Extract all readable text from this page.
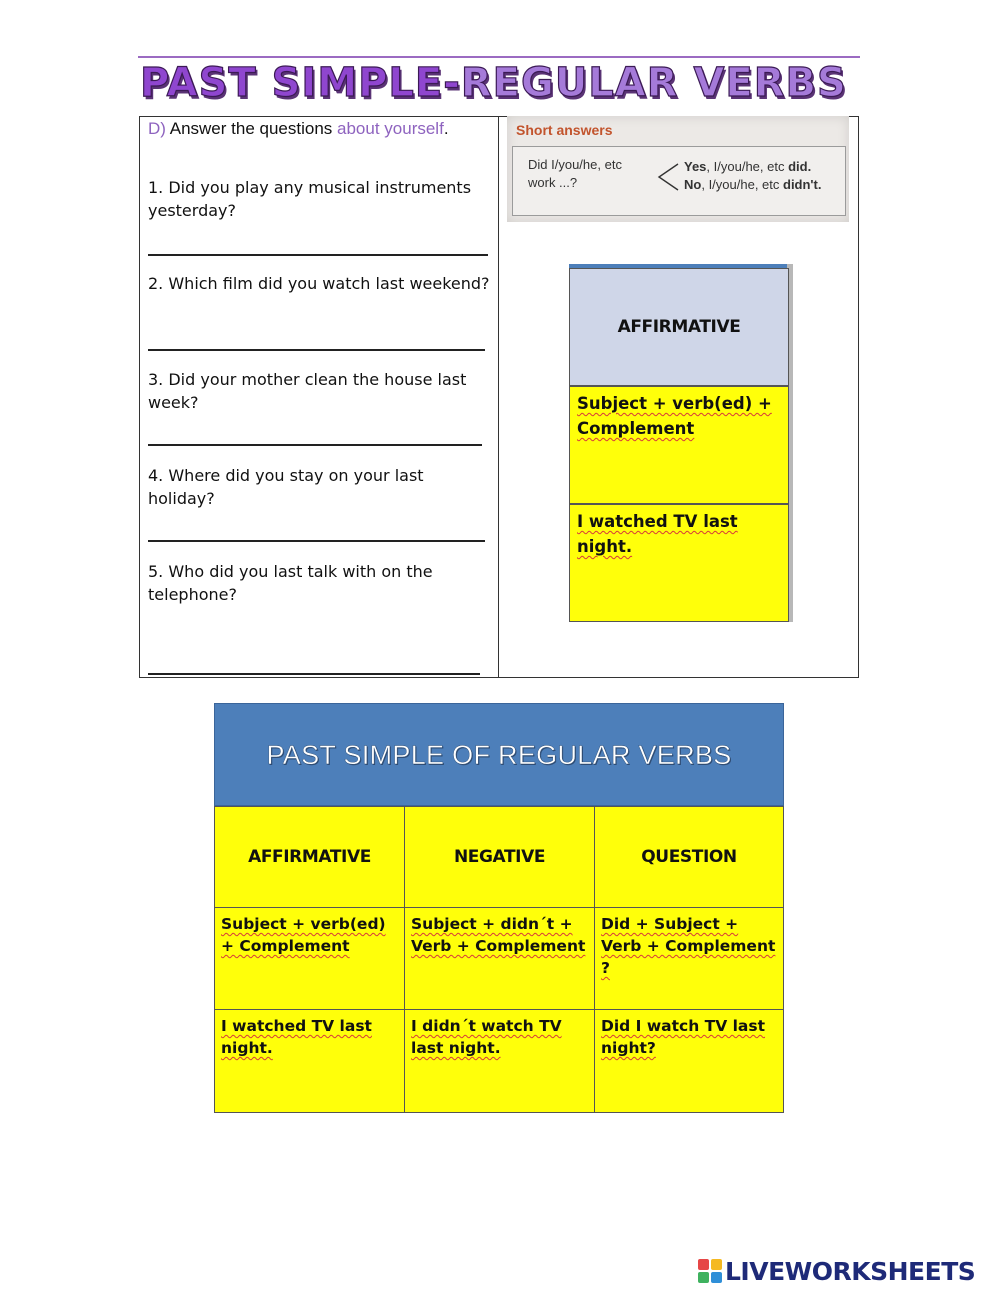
PAST SIMPLE-REGULAR VERBS
D) Answer the questions about yourself.
1. Did you play any musical instruments yesterday?
2. Which film did you watch last weekend?
3. Did your mother clean the house last week?
4. Where did you stay on your last holiday?
5. Who did you last talk with on the telephone?
Short answers
Did I/you/he, etc
work ...?
Yes, I/you/he, etc did.
No, I/you/he, etc didn't.
AFFIRMATIVE
Subject + verb(ed) + Complement
I watched TV last night.
PAST SIMPLE OF REGULAR VERBS
AFFIRMATIVE	NEGATIVE	QUESTION
Subject + verb(ed) + Complement
Subject + didn´t + Verb + Complement
Did + Subject + Verb + Complement ?
I watched TV last night.
I didn´t watch TV last night.
Did I watch TV last night?
LIVEWORKSHEETS
